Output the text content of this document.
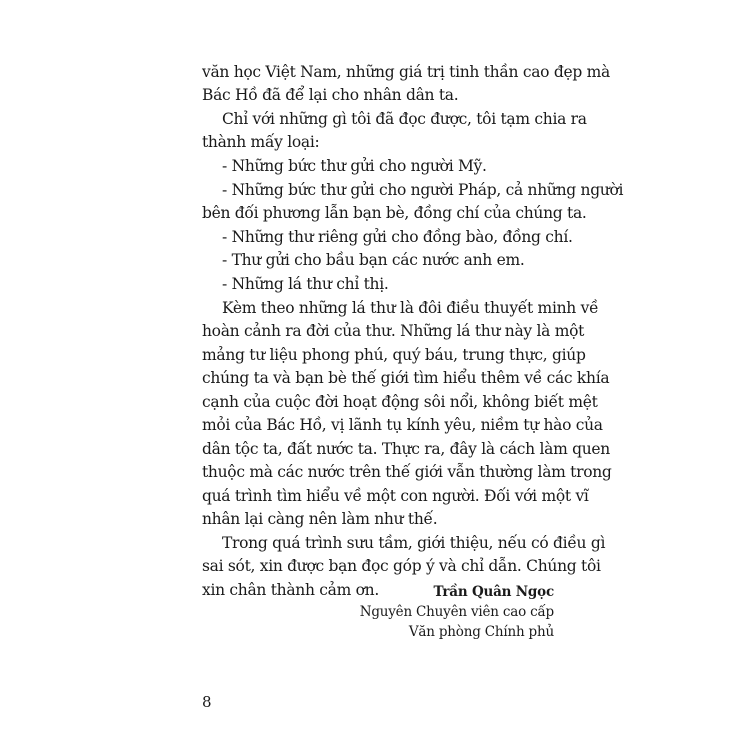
văn học Việt Nam, những giá trị tinh thần cao đẹp mà
Bác Hồ đã để lại cho nhân dân ta.
Chỉ với những gì tôi đã đọc được, tôi tạm chia ra
thành mấy loại:
- Những bức thư gửi cho người Mỹ.
- Những bức thư gửi cho người Pháp, cả những người
bên đối phương lẫn bạn bè, đồng chí của chúng ta.
- Những thư riêng gửi cho đồng bào, đồng chí.
- Thư gửi cho bầu bạn các nước anh em.
- Những lá thư chỉ thị.
Kèm theo những lá thư là đôi điều thuyết minh về
hoàn cảnh ra đời của thư. Những lá thư này là một
mảng tư liệu phong phú, quý báu, trung thực, giúp
chúng ta và bạn bè thế giới tìm hiểu thêm về các khía
cạnh của cuộc đời hoạt động sôi nổi, không biết mệt
mỏi của Bác Hồ, vị lãnh tụ kính yêu, niềm tự hào của
dân tộc ta, đất nước ta. Thực ra, đây là cách làm quen
thuộc mà các nước trên thế giới vẫn thường làm trong
quá trình tìm hiểu về một con người. Đối với một vĩ
nhân lại càng nên làm như thế.
Trong quá trình sưu tầm, giới thiệu, nếu có điều gì
sai sót, xin được bạn đọc góp ý và chỉ dẫn. Chúng tôi
xin chân thành cảm ơn.	Trần Quân Ngọc
Nguyên Chuyên viên cao cấp
Văn phòng Chính phủ
8
